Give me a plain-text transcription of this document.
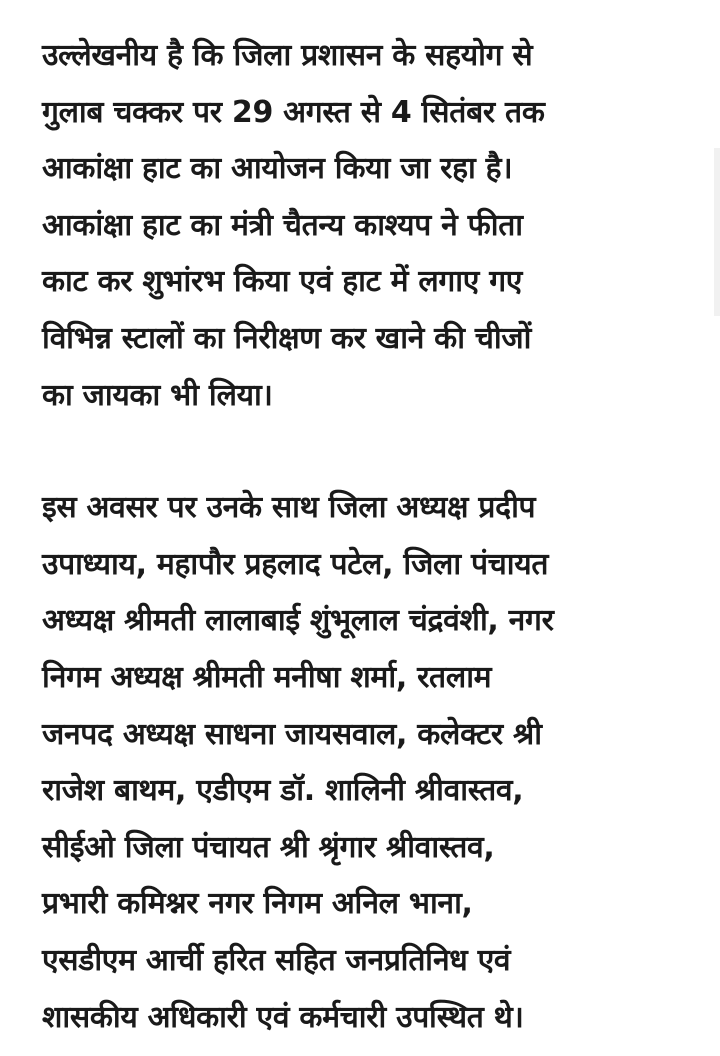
उल्लेखनीय है कि जिला प्रशासन के सहयोग से
गुलाब चक्कर पर 29 अगस्त से 4 सितंबर तक
आकांक्षा हाट का आयोजन किया जा रहा है।
आकांक्षा हाट का मंत्री चैतन्य काश्यप ने फीता
काट कर शुभांरभ किया एवं हाट में लगाए गए
विभिन्न स्टालों का निरीक्षण कर खाने की चीजों
का जायका भी लिया।

इस अवसर पर उनके साथ जिला अध्यक्ष प्रदीप
उपाध्याय, महापौर प्रहलाद पटेल, जिला पंचायत
अध्यक्ष श्रीमती लालाबाई शुंभूलाल चंद्रवंशी, नगर
निगम अध्यक्ष श्रीमती मनीषा शर्मा, रतलाम
जनपद अध्यक्ष साधना जायसवाल, कलेक्टर श्री
राजेश बाथम, एडीएम डॉ. शालिनी श्रीवास्तव,
सीईओ जिला पंचायत श्री श्रृंगार श्रीवास्तव,
प्रभारी कमिश्नर नगर निगम अनिल भाना,
एसडीएम आर्ची हरित सहित जनप्रतिनिध एवं
शासकीय अधिकारी एवं कर्मचारी उपस्थित थे।
